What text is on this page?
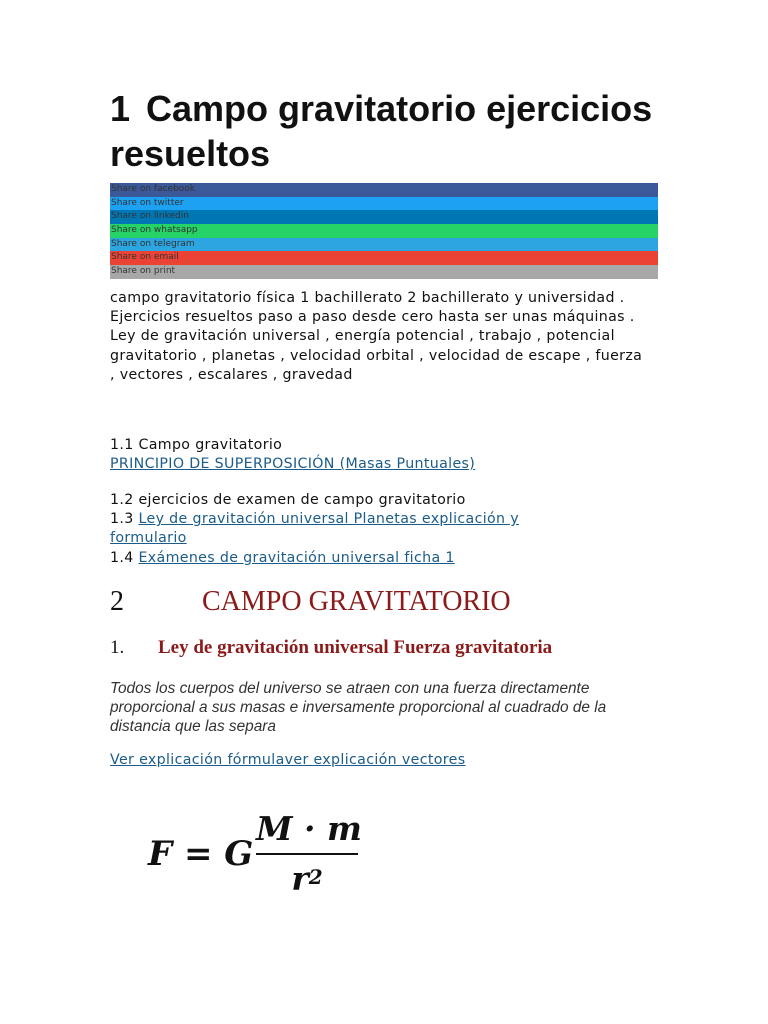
1 Campo gravitatorio ejercicios resueltos
Share on facebook
Share on twitter
Share on linkedin
Share on whatsapp
Share on telegram
Share on email
Share on print

campo gravitatorio física 1 bachillerato 2 bachillerato y universidad . Ejercicios resueltos paso a paso desde cero hasta ser unas máquinas . Ley de gravitación universal , energía potencial , trabajo , potencial gravitatorio , planetas , velocidad orbital , velocidad de escape , fuerza , vectores , escalares , gravedad

1.1 Campo gravitatorio
PRINCIPIO DE SUPERPOSICIÓN (Masas Puntuales)
1.2 ejercicios de examen de campo gravitatorio
1.3 Ley de gravitación universal Planetas explicación y formulario
1.4 Exámenes de gravitación universal ficha 1
2	CAMPO GRAVITATORIO
1. Ley de gravitación universal Fuerza gravitatoria

Todos los cuerpos del universo se atraen con una fuerza directamente proporcional a sus masas e inversamente proporcional al cuadrado de la distancia que las separa

Ver explicación fórmulaver explicación vectores
F = G
M · m
$r^2$
